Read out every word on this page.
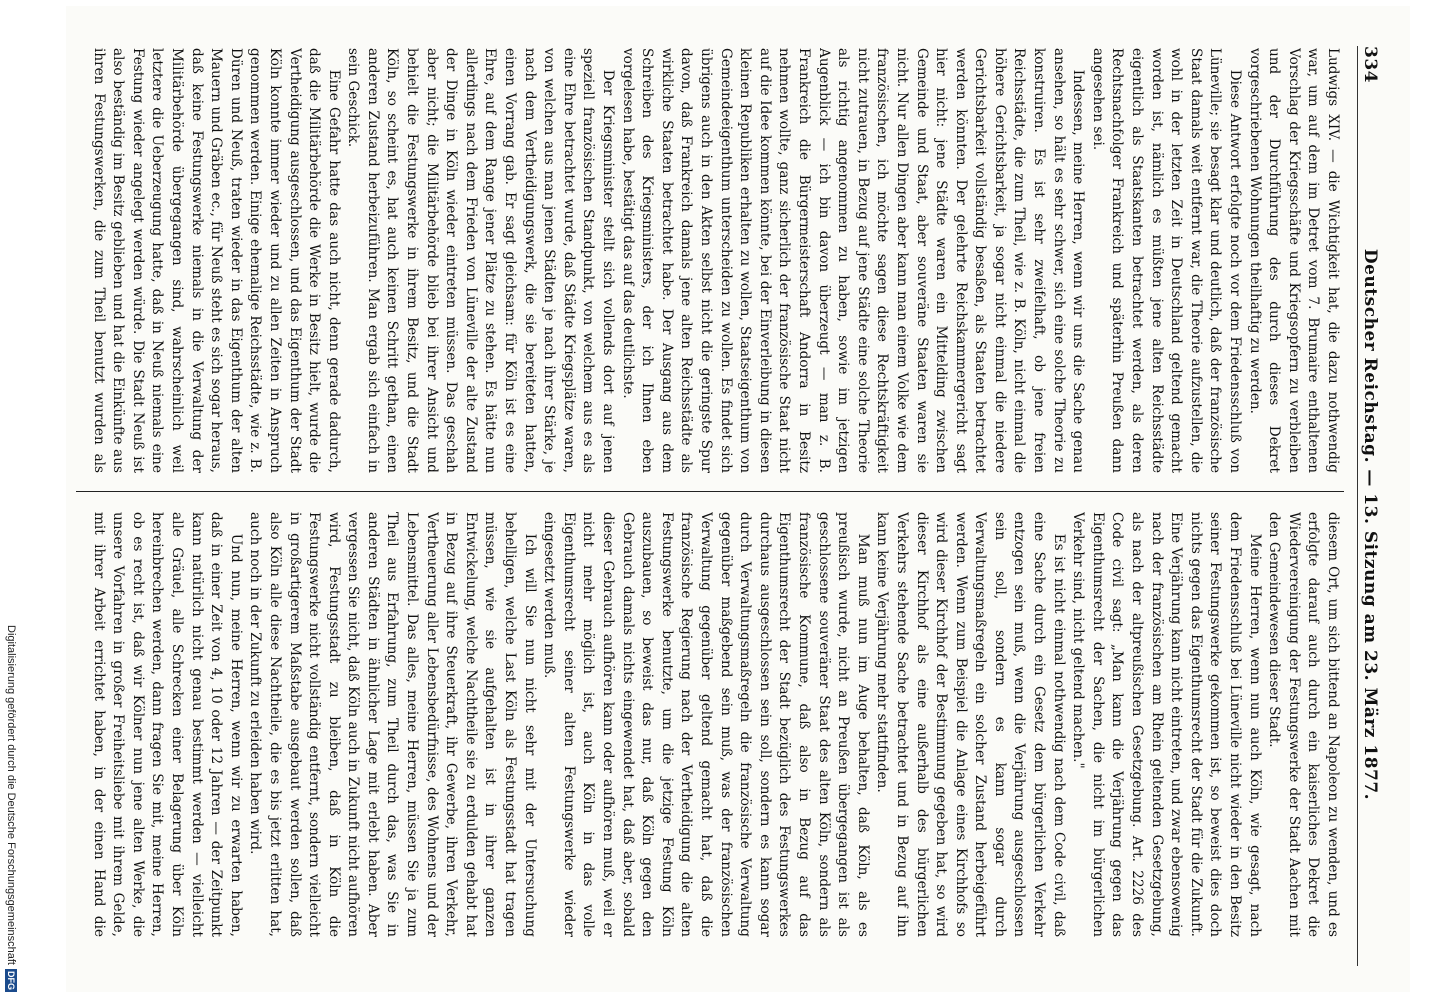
Digitalisierung gefördert durch die Deutsche ForschungsgemeinschaftDFG
334
Deutscher Reichstag. — 13. Sitzung am 23. März 1877.

Ludwigs XIV. — die Wichtigkeit hat, die dazu nothwendig war, um auf dem im Detret vom 7. Brumaire enthaltenen Vorschlag der Kriegsschäfte und Kriegsopfern zu verbleiben und der Durchführung des durch dieses Dekret vorgeschriebenen Wohnungen theilhaftig zu werden.

Diese Antwort erfolgte noch vor dem Friedensschluß von Lüneville; sie besagt klar und deutlich, daß der französische Staat damals weit entfernt war, die Theorie aufzustellen, die wohl in der letzten Zeit in Deutschland geltend gemacht worden ist, nämlich es müßten jene alten Reichsstädte eigentlich als Staatskanten betrachtet werden, als deren Rechtsnachfolger Frankreich und späterhin Preußen dann angesehen sei.

Indessen, meine Herren, wenn wir uns die Sache genau ansehen, so hält es sehr schwer, sich eine solche Theorie zu konstruiren. Es ist sehr zweifelhaft, ob jene freien Reichsstädte, die zum Theil, wie z. B. Köln, nicht einmal die höhere Gerichtsbarkeit, ja sogar nicht einmal die niedere Gerichtsbarkeit vollständig besaßen, als Staaten betrachtet werden könnten. Der gelehrte Reichskammergericht sagt hier nicht: jene Städte waren ein Mittelding zwischen Gemeinde und Staat, aber souveräne Staaten waren sie nicht. Nur allen Dingen aber kann man einem Volke wie dem französischen, ich möchte sagen diese Rechtskräftigkeit nicht zutrauen, in Bezug auf jene Städte eine solche Theorie als richtig angenommen zu haben, sowie im jetzigen Augenblick — ich bin davon überzeugt — man z. B. Frankreich die Bürgermeisterschaft Andorra in Besitz nehmen wollte, ganz sicherlich der französische Staat nicht auf die Idee kommen könnte, bei der Einverleibung in diesen kleinen Republiken erhalten zu wollen, Staatseigenthum von Gemeindeeigenthum unterscheiden zu wollen. Es findet sich übrigens auch in den Akten selbst nicht die geringste Spur davon, daß Frankreich damals jene alten Reichsstädte als wirkliche Staaten betrachtet habe. Der Ausgang aus dem Schreiben des Kriegsministers, der ich Ihnen eben vorgelesen habe, bestätigt das auf das deutlichste.

Der Kriegsminister stellt sich vollends dort auf jenen speziell französischen Standpunkt, von welchem aus es als eine Ehre betrachtet wurde, daß Städte Kriegsplätze waren, von welchen aus man jenen Städten je nach ihrer Stärke, je nach dem Vertheidigungswerk, die sie bereiteten hatten, einen Vorrang gab. Er sagt gleichsam: für Köln ist es eine Ehre, auf dem Range jener Plätze zu stehen. Es hätte nun allerdings nach dem Frieden von Lüneville der alte Zustand der Dinge in Köln wieder eintreten müssen. Das geschah aber nicht; die Militärbehörde blieb bei ihrer Ansicht und behielt die Festungswerke in ihrem Besitz, und die Stadt Köln, so scheint es, hat auch keinen Schritt gethan, einen anderen Zustand herbeizuführen. Man ergab sich einfach in sein Geschick.

Eine Gefahr hatte das auch nicht, denn gerade dadurch, daß die Militärbehörde die Werke in Besitz hielt, wurde die Vertheidigung ausgeschlossen, und das Eigenthum der Stadt Köln konnte immer wieder und zu allen Zeiten in Anspruch genommen werden. Einige ehemalige Reichsstädte, wie z. B. Düren und Neuß, traten wieder in das Eigenthum der alten Mauern und Gräben ec., für Neuß steht es sich sogar heraus, daß keine Festungswerke niemals in die Verwaltung der Militärbehörde übergegangen sind, wahrscheinlich weil letztere die Ueberzeugung hatte, daß in Neuß niemals eine Festung wieder angelegt werden würde. Die Stadt Neuß ist also beständig im Besitz geblieben und hat die Einkünfte aus ihren Festungswerken, die zum Theil benutzt wurden als

diesem Ort, um sich bittend an Napoleon zu wenden, und es erfolgte darauf auch durch ein kaiserliches Dekret die Wiedervereinigung der Festungswerke der Stadt Aachen mit den Gemeindewesen dieser Stadt.

Meine Herren, wenn nun auch Köln, wie gesagt, nach dem Friedensschluß bei Lüneville nicht wieder in den Besitz seiner Festungswerke gekommen ist, so beweist dies doch nichts gegen das Eigenthumsrecht der Stadt für die Zukunft. Eine Verjährung kann nicht eintreten, und zwar ebensowenig nach der französischen am Rhein geltenden Gesetzgebung, als nach der altpreußischen Gesetzgebung. Art. 2226 des Code civil sagt: „Man kann die Verjährung gegen das Eigenthumsrecht der Sachen, die nicht im bürgerlichen Verkehr sind, nicht geltend machen."

Es ist nicht einmal nothwendig nach dem Code civil, daß eine Sache durch ein Gesetz dem bürgerlichen Verkehr entzogen sein muß, wenn die Verjährung ausgeschlossen sein soll, sondern es kann sogar durch Verwaltungsmaßregeln ein solcher Zustand herbeigeführt werden. Wenn zum Beispiel die Anlage eines Kirchhofs so wird dieser Kirchhof der Bestimmung gegeben hat, so wird dieser Kirchhof als eine außerhalb des bürgerlichen Verkehrs stehende Sache betrachtet und in Bezug auf ihn kann keine Verjährung mehr stattfinden.

Man muß nun im Auge behalten, daß Köln, als es preußisch wurde, nicht an Preußen übergegangen ist als geschlossene souveräner Staat des alten Köln, sondern als französische Kommune, daß also in Bezug auf das Eigenthumsrecht der Stadt bezüglich des Festungswerkes durchaus ausgeschlossen sein soll, sondern es kann sogar durch Verwaltungsmaßregeln die französische Verwaltung gegenüber maßgebend sein muß, was der französischen Verwaltung gegenüber geltend gemacht hat, daß die französische Regierung nach der Vertheidigung die alten Festungswerke benutzte, um die jetzige Festung Köln auszubauen, so beweist das nur, daß Köln gegen den Gebrauch damals nichts eingewendet hat, daß aber, sobald dieser Gebrauch aufhören kann oder aufhören muß, weil er nicht mehr möglich ist, auch Köln in das volle Eigenthumsrecht seiner alten Festungswerke wieder eingesetzt werden muß.

Ich will Sie nun nicht sehr mit der Untersuchung behelligen, welche Last Köln als Festungsstadt hat tragen müssen, wie sie aufgehalten ist in ihrer ganzen Entwickelung, welche Nachtheile sie zu erdulden gehabt hat in Bezug auf ihre Steuerkraft, ihr Gewerbe, ihren Verkehr, Vertheuerung aller Lebensbedürfnisse, des Wohnens und der Lebensmittel. Das alles, meine Herren, müssen Sie ja zum Theil aus Erfahrung, zum Theil durch das, was Sie in anderen Städten in ähnlicher Lage mit erlebt haben. Aber vergessen Sie nicht, daß Köln auch in Zukunft nicht aufhören wird, Festungsstadt zu bleiben, daß in Köln die Festungswerke nicht vollständig entfernt, sondern vielleicht in großartigerem Maßstabe ausgebaut werden sollen, daß also Köln alle diese Nachtheile, die es bis jetzt erlitten hat, auch noch in der Zukunft zu erleiden haben wird.

Und nun, meine Herren, wenn wir zu erwarten haben, daß in einer Zeit von 4, 10 oder 12 Jahren — der Zeitpunkt kann natürlich nicht genau bestimmt werden — vielleicht alle Gräuel, alle Schrecken einer Belagerung über Köln hereinbrechen werden, dann fragen Sie mit, meine Herren, ob es recht ist, daß wir Kölner nun jene alten Werke, die unsere Vorfahren in großer Freiheitsliebe mit ihrem Gelde, mit ihrer Arbeit errichtet haben, in der einen Hand die
